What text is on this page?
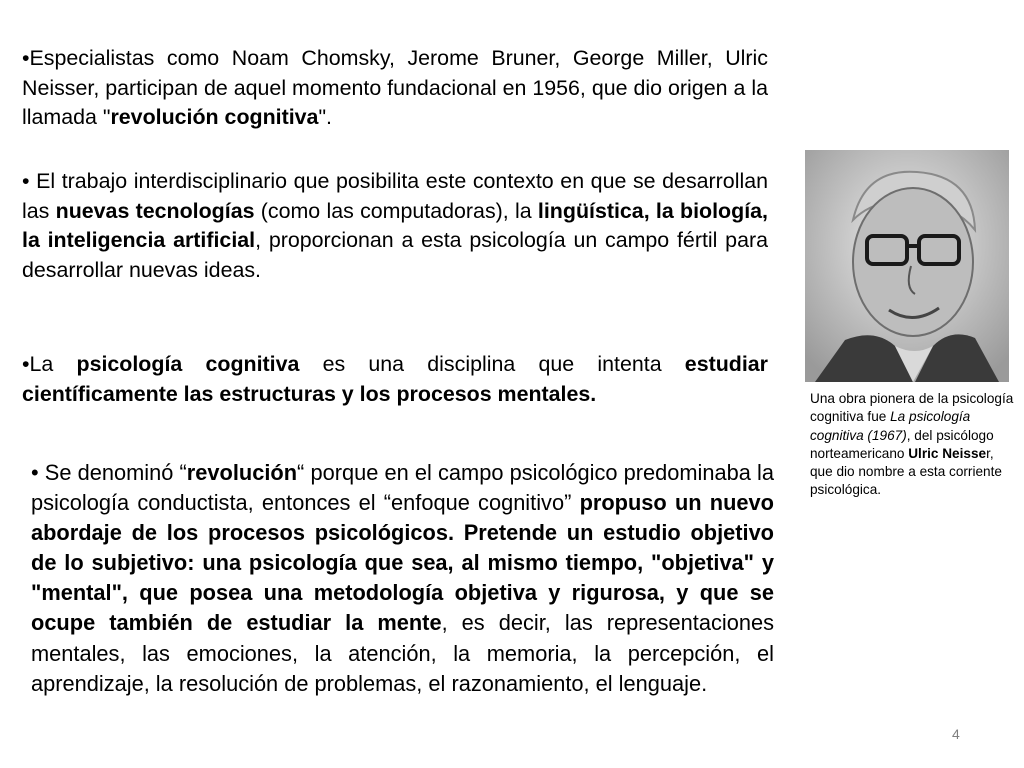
•Especialistas como Noam Chomsky, Jerome Bruner, George Miller, Ulric Neisser, participan de aquel momento fundacional en 1956, que dio origen a la llamada "revolución cognitiva".

• El trabajo interdisciplinario que posibilita este contexto en que se desarrollan las nuevas tecnologías (como las computadoras), la lingüística, la biología, la inteligencia artificial, proporcionan a esta psicología un campo fértil para desarrollar nuevas ideas.

•La psicología cognitiva es una disciplina que intenta estudiar científicamente las estructuras y los procesos mentales.

• Se denominó “revolución“ porque en el campo psicológico predominaba la psicología conductista, entonces el “enfoque cognitivo” propuso un nuevo abordaje de los procesos psicológicos. Pretende un estudio objetivo de lo subjetivo: una psicología que sea, al mismo tiempo, "objetiva" y "mental", que posea una metodología objetiva y rigurosa, y que se ocupe también de estudiar la mente, es decir, las representaciones mentales, las emociones, la atención, la memoria, la percepción, el aprendizaje, la resolución de problemas, el razonamiento, el lenguaje.

Una obra pionera de la psicología cognitiva fue La psicología cognitiva (1967), del psicólogo norteamericano Ulric Neisser, que dio nombre a esta corriente psicológica.

4
